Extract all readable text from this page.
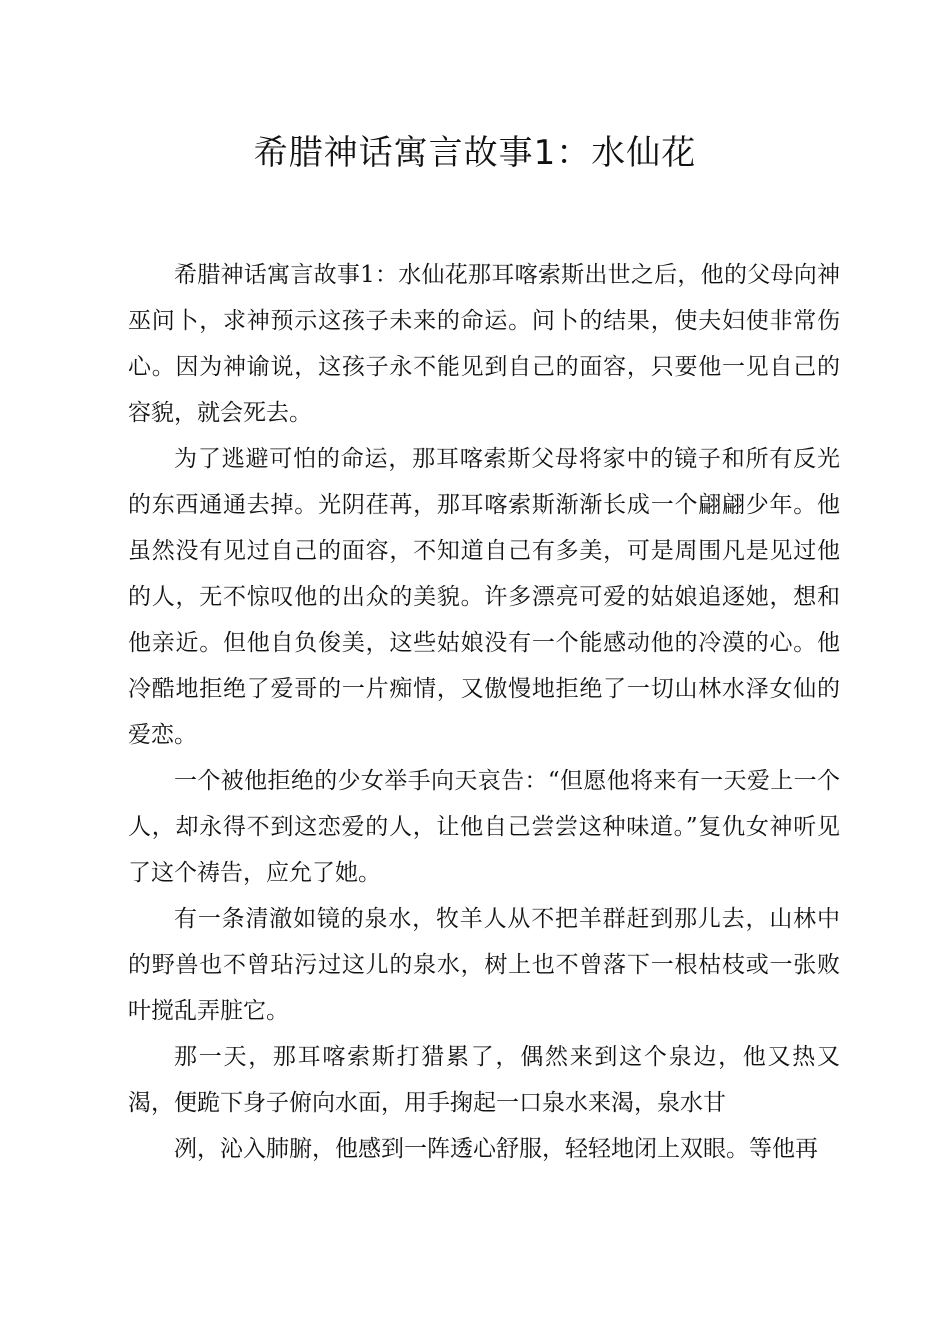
希腊神话寓言故事1：水仙花

希腊神话寓言故事1：水仙花那耳喀索斯出世之后，他的父母向神巫问卜，求神预示这孩子未来的命运。问卜的结果，使夫妇使非常伤心。因为神谕说，这孩子永不能见到自己的面容，只要他一见自己的容貌，就会死去。

为了逃避可怕的命运，那耳喀索斯父母将家中的镜子和所有反光的东西通通去掉。光阴荏苒，那耳喀索斯渐渐长成一个翩翩少年。他虽然没有见过自己的面容，不知道自己有多美，可是周围凡是见过他的人，无不惊叹他的出众的美貌。许多漂亮可爱的姑娘追逐她，想和他亲近。但他自负俊美，这些姑娘没有一个能感动他的冷漠的心。他冷酷地拒绝了爱哥的一片痴情，又傲慢地拒绝了一切山林水泽女仙的爱恋。

一个被他拒绝的少女举手向天哀告：“但愿他将来有一天爱上一个人，却永得不到这恋爱的人，让他自己尝尝这种味道。”复仇女神听见了这个祷告，应允了她。

有一条清澈如镜的泉水，牧羊人从不把羊群赶到那儿去，山林中的野兽也不曾玷污过这儿的泉水，树上也不曾落下一根枯枝或一张败叶搅乱弄脏它。

那一天，那耳喀索斯打猎累了，偶然来到这个泉边，他又热又渴，便跪下身子俯向水面，用手掬起一口泉水来渴，泉水甘

冽，沁入肺腑，他感到一阵透心舒服，轻轻地闭上双眼。等他再
